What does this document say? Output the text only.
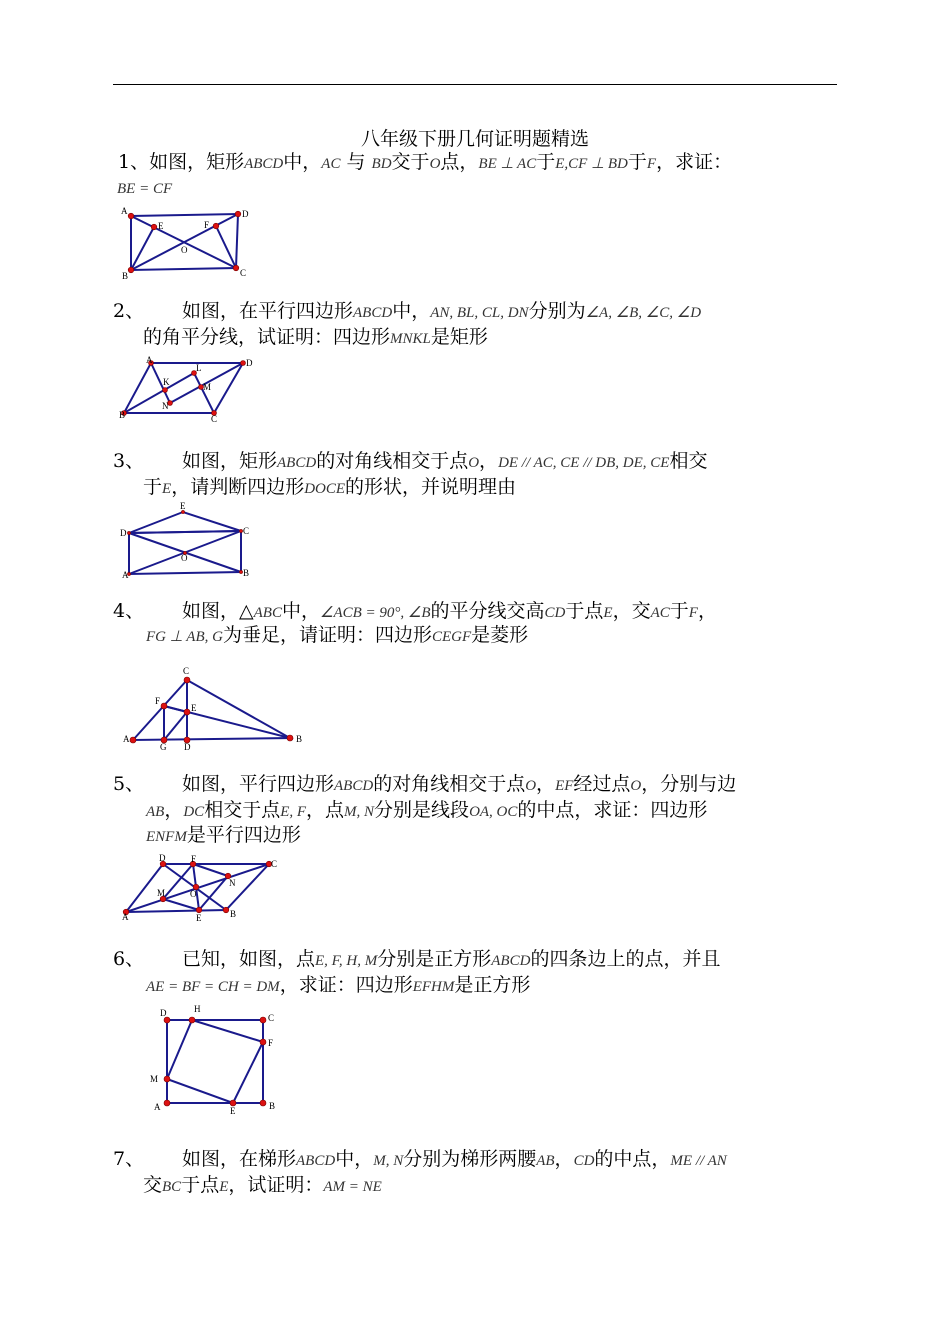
八年级下册几何证明题精选
1、如图，矩形ABCD中，AC 与 BD交于O点，BE ⊥ AC于E,CF ⊥ BD于F，求证：
BE = CF
A	D
C
B
E	F
O
2、 如图，在平行四边形ABCD中，AN, BL, CL, DN分别为∠A, ∠B, ∠C, ∠D
的角平分线，试证明：四边形MNKL是矩形
A	D
C
B
K
L
M
N
3、 如图，矩形ABCD的对角线相交于点O，DE // AC, CE // DB, DE, CE相交
于E，请判断四边形DOCE的形状，并说明理由
E
D	C
B
A
O
4、 如图，△ABC中，∠ACB = 90°, ∠B的平分线交高CD于点E，交AC于F，
FG ⊥ AB, G为垂足，请证明：四边形CEGF是菱形
A
C
B
D
G
F
E
5、 如图，平行四边形ABCD的对角线相交于点O，EF经过点O，分别与边
AB，DC相交于点E, F，点M, N分别是线段OA, OC的中点，求证：四边形
ENFM是平行四边形
D	F	C
N
M	O
A	E	B
6、 已知，如图，点E, F, H, M分别是正方形ABCD的四条边上的点，并且
AE = BF = CH = DM，求证：四边形EFHM是正方形
D	H
C
F
M
A	E	B
7、 如图，在梯形ABCD中，M, N分别为梯形两腰AB，CD的中点，ME // AN
交BC于点E，试证明：AM = NE
